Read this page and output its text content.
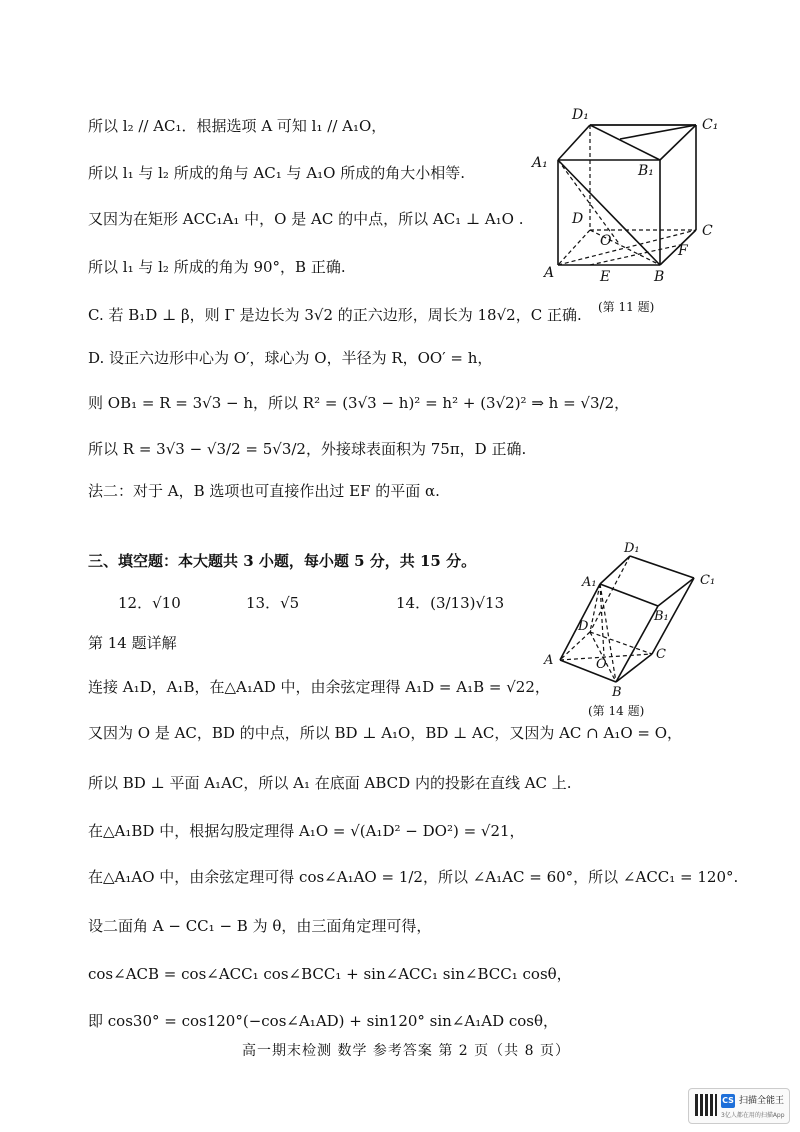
所以 l₂ // AC₁．根据选项 A 可知 l₁ // A₁O，
所以 l₁ 与 l₂ 所成的角与 AC₁ 与 A₁O 所成的角大小相等.
又因为在矩形 ACC₁A₁ 中，O 是 AC 的中点，所以 AC₁ ⊥ A₁O .
所以 l₁ 与 l₂ 所成的角为 90°，B 正确.
C. 若 B₁D ⊥ β，则 Γ 是边长为 3√2 的正六边形，周长为 18√2，C 正确.
D. 设正六边形中心为 O′，球心为 O，半径为 R，OO′ = h，
则 OB₁ = R = 3√3 − h，所以 R² = (3√3 − h)² = h² + (3√2)² ⇒ h = √3/2，
所以 R = 3√3 − √3/2 = 5√3/2，外接球表面积为 75π，D 正确.
法二：对于 A，B 选项也可直接作出过 EF 的平面 α.
三、填空题：本大题共 3 小题，每小题 5 分，共 15 分。
12．√10	13．√5	14．(3/13)√13
第 14 题详解
连接 A₁D，A₁B，在△A₁AD 中，由余弦定理得 A₁D = A₁B = √22，
又因为 O 是 AC，BD 的中点，所以 BD ⊥ A₁O，BD ⊥ AC，又因为 AC ∩ A₁O = O，
所以 BD ⊥ 平面 A₁AC，所以 A₁ 在底面 ABCD 内的投影在直线 AC 上.
在△A₁BD 中，根据勾股定理得 A₁O = √(A₁D² − DO²) = √21，
在△A₁AO 中，由余弦定理可得 cos∠A₁AO = 1/2，所以 ∠A₁AC = 60°，所以 ∠ACC₁ = 120°.
设二面角 A − CC₁ − B 为 θ，由三面角定理可得，
cos∠ACB = cos∠ACC₁ cos∠BCC₁ + sin∠ACC₁ sin∠BCC₁ cosθ，
即 cos30° = cos120°(−cos∠A₁AD) + sin120° sin∠A₁AD cosθ，
D₁
C₁
A₁	B₁
D
O
C
F
A	E	B
(第 11 题)
D₁
C₁
A₁
B₁
D
O
A	C
B
(第 14 题)
高一期末检测 数学 参考答案 第 2 页（共 8 页）
CS 扫描全能王
3亿人都在用的扫描App
